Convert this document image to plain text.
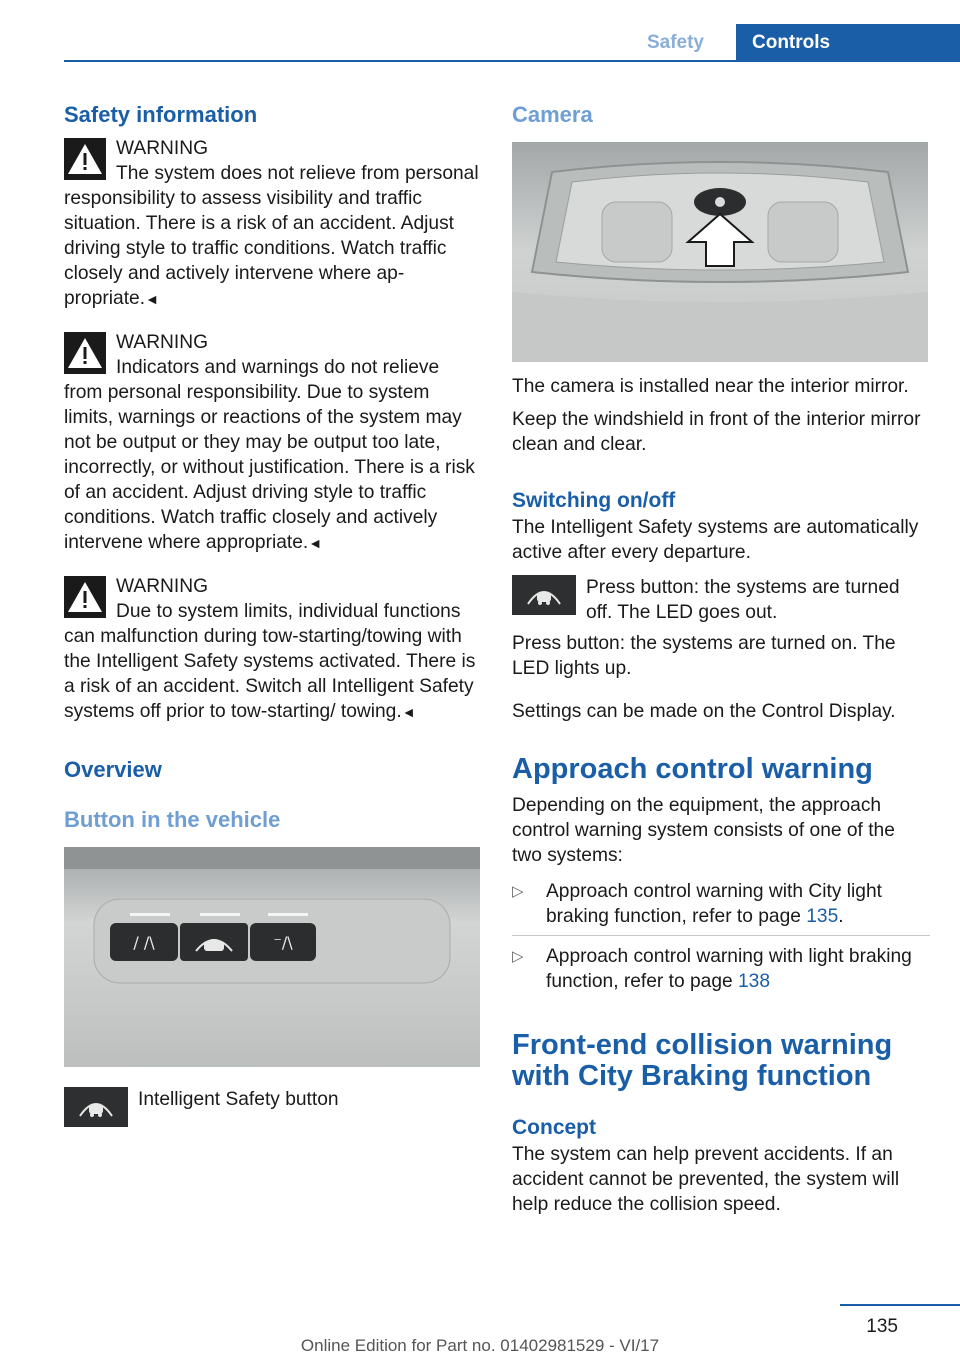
Safety	Controls
Safety information

WARNING

The system does not relieve from personal responsibility to assess visibility and traffic situation. There is a risk of an accident. Adjust driving style to traffic conditions. Watch traffic closely and actively intervene where appropriate.◄

WARNING

Indicators and warnings do not relieve from personal responsibility. Due to system limits, warnings or reactions of the system may not be output or they may be output too late, incorrectly, or without justification. There is a risk of an accident. Adjust driving style to traffic conditions. Watch traffic closely and actively intervene where appropriate.◄

WARNING

Due to system limits, individual functions can malfunction during tow-starting/towing with the Intelligent Safety systems activated. There is a risk of an accident. Switch all Intelligent Safety systems off prior to tow-starting/ towing.◄

Overview
Button in the vehicle
/ /\	⁻/\

Intelligent Safety button

Camera

The camera is installed near the interior mirror.

Keep the windshield in front of the interior mirror clean and clear.

Switching on/off

The Intelligent Safety systems are automatically active after every departure.

Press button: the systems are turned off. The LED goes out.

Press button: the systems are turned on. The LED lights up.

Settings can be made on the Control Display.

Approach control warning

Depending on the equipment, the approach control warning system consists of one of the two systems:

▷ Approach control warning with City light braking function, refer to page 135.
▷ Approach control warning with light braking function, refer to page 138
Front-end collision warning with City Braking function
Concept

The system can help prevent accidents. If an accident cannot be prevented, the system will help reduce the collision speed.

135
Online Edition for Part no. 01402981529 - VI/17
